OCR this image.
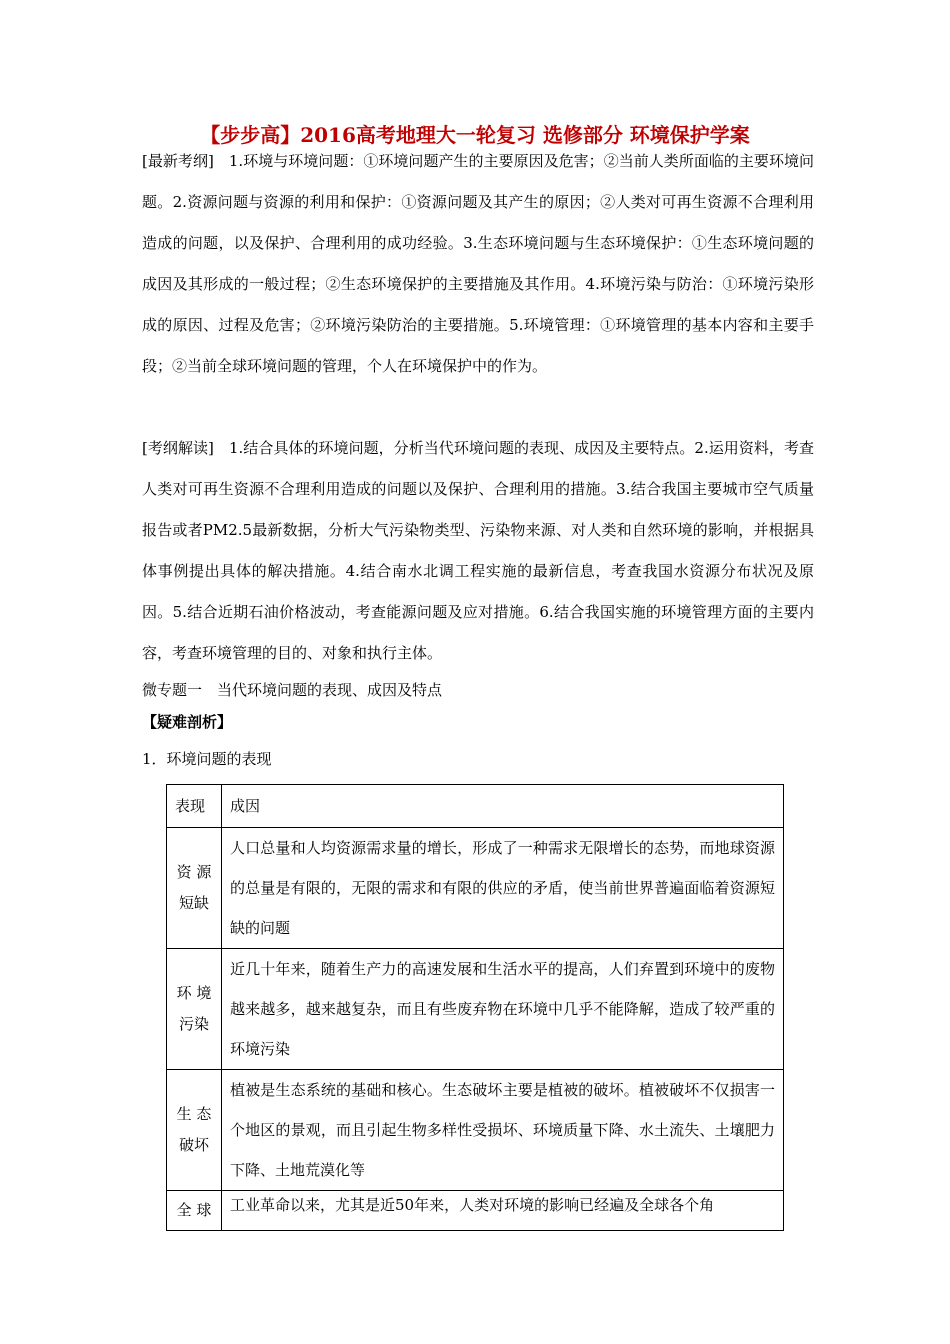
【步步高】2016高考地理大一轮复习 选修部分 环境保护学案
[最新考纲]　1.环境与环境问题：①环境问题产生的主要原因及危害；②当前人类所面临的主要环境问题。2.资源问题与资源的利用和保护：①资源问题及其产生的原因；②人类对可再生资源不合理利用造成的问题，以及保护、合理利用的成功经验。3.生态环境问题与生态环境保护：①生态环境问题的成因及其形成的一般过程；②生态环境保护的主要措施及其作用。4.环境污染与防治：①环境污染形成的原因、过程及危害；②环境污染防治的主要措施。5.环境管理：①环境管理的基本内容和主要手段；②当前全球环境问题的管理，个人在环境保护中的作为。
[考纲解读]　1.结合具体的环境问题，分析当代环境问题的表现、成因及主要特点。2.运用资料，考查人类对可再生资源不合理利用造成的问题以及保护、合理利用的措施。3.结合我国主要城市空气质量报告或者PM2.5最新数据，分析大气污染物类型、污染物来源、对人类和自然环境的影响，并根据具体事例提出具体的解决措施。4.结合南水北调工程实施的最新信息，考查我国水资源分布状况及原因。5.结合近期石油价格波动，考查能源问题及应对措施。6.结合我国实施的环境管理方面的主要内容，考查环境管理的目的、对象和执行主体。
微专题一　当代环境问题的表现、成因及特点
【疑难剖析】
1．环境问题的表现
表现	成因

资 源
短缺	人口总量和人均资源需求量的增长，形成了一种需求无限增长的态势，而地球资源的总量是有限的，无限的需求和有限的供应的矛盾，使当前世界普遍面临着资源短缺的问题

环 境
污染	近几十年来，随着生产力的高速发展和生活水平的提高，人们弃置到环境中的废物越来越多，越来越复杂，而且有些废弃物在环境中几乎不能降解，造成了较严重的环境污染

生 态
破坏	植被是生态系统的基础和核心。生态破坏主要是植被的破坏。植被破坏不仅损害一个地区的景观，而且引起生物多样性受损坏、环境质量下降、水土流失、土壤肥力下降、土地荒漠化等

全 球	工业革命以来，尤其是近50年来，人类对环境的影响已经遍及全球各个角
